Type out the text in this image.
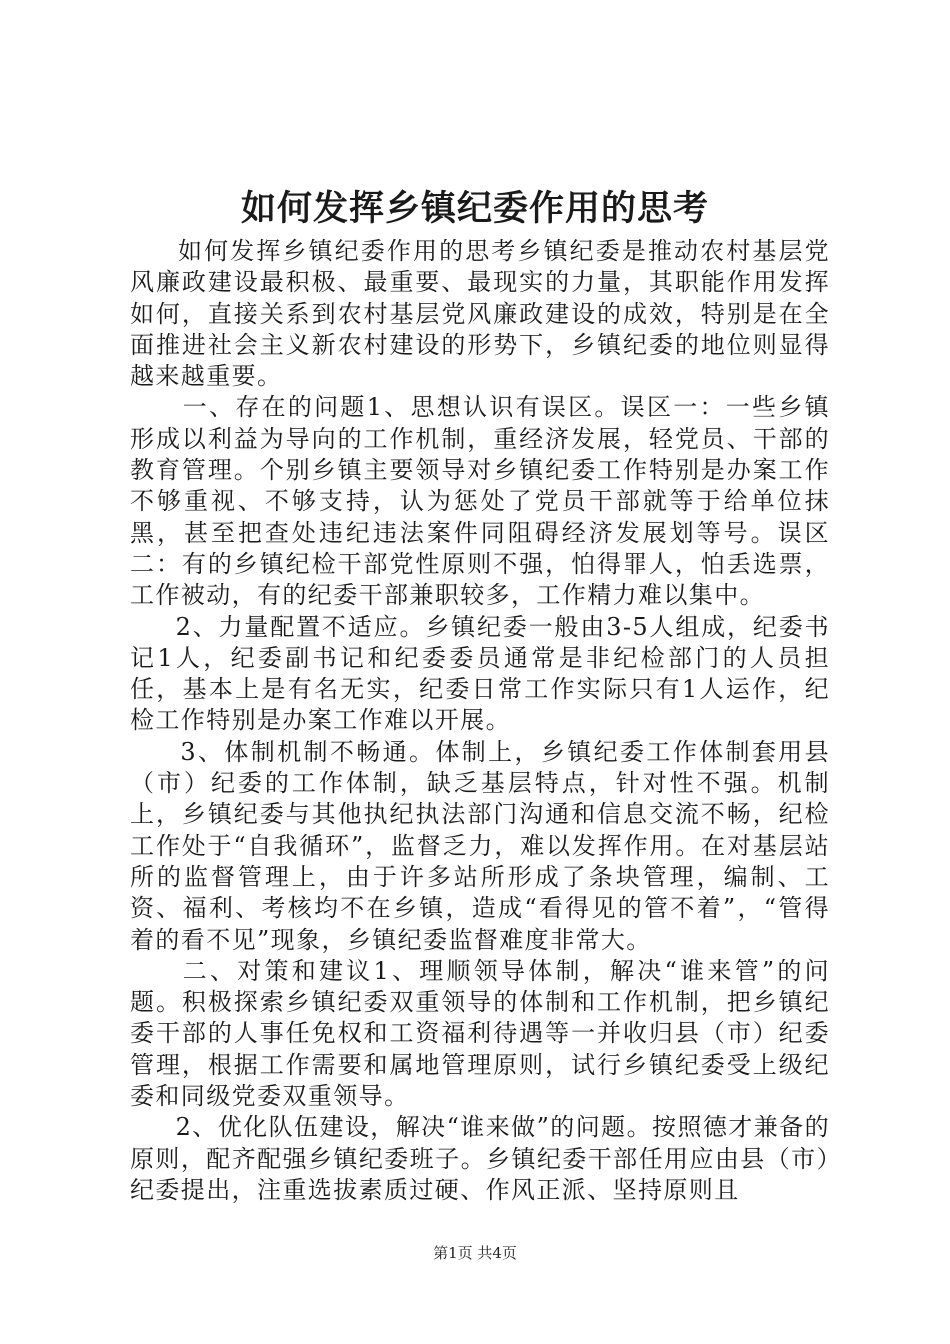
如何发挥乡镇纪委作用的思考

如何发挥乡镇纪委作用的思考乡镇纪委是推动农村基层党风廉政建设最积极、最重要、最现实的力量，其职能作用发挥如何，直接关系到农村基层党风廉政建设的成效，特别是在全面推进社会主义新农村建设的形势下，乡镇纪委的地位则显得越来越重要。

一、存在的问题1、思想认识有误区。误区一：一些乡镇形成以利益为导向的工作机制，重经济发展，轻党员、干部的教育管理。个别乡镇主要领导对乡镇纪委工作特别是办案工作不够重视、不够支持，认为惩处了党员干部就等于给单位抹黑，甚至把查处违纪违法案件同阻碍经济发展划等号。误区二：有的乡镇纪检干部党性原则不强，怕得罪人，怕丢选票，工作被动，有的纪委干部兼职较多，工作精力难以集中。

2、力量配置不适应。乡镇纪委一般由3-5人组成，纪委书记1人，纪委副书记和纪委委员通常是非纪检部门的人员担任，基本上是有名无实，纪委日常工作实际只有1人运作，纪检工作特别是办案工作难以开展。

3、体制机制不畅通。体制上，乡镇纪委工作体制套用县（市）纪委的工作体制，缺乏基层特点，针对性不强。机制上，乡镇纪委与其他执纪执法部门沟通和信息交流不畅，纪检工作处于“自我循环”，监督乏力，难以发挥作用。在对基层站所的监督管理上，由于许多站所形成了条块管理，编制、工资、福利、考核均不在乡镇，造成“看得见的管不着”，“管得着的看不见”现象，乡镇纪委监督难度非常大。

二、对策和建议1、理顺领导体制，解决“谁来管”的问题。积极探索乡镇纪委双重领导的体制和工作机制，把乡镇纪委干部的人事任免权和工资福利待遇等一并收归县（市）纪委管理，根据工作需要和属地管理原则，试行乡镇纪委受上级纪委和同级党委双重领导。

2、优化队伍建设，解决“谁来做”的问题。按照德才兼备的原则，配齐配强乡镇纪委班子。乡镇纪委干部任用应由县（市）纪委提出，注重选拔素质过硬、作风正派、坚持原则且

第1页 共4页
